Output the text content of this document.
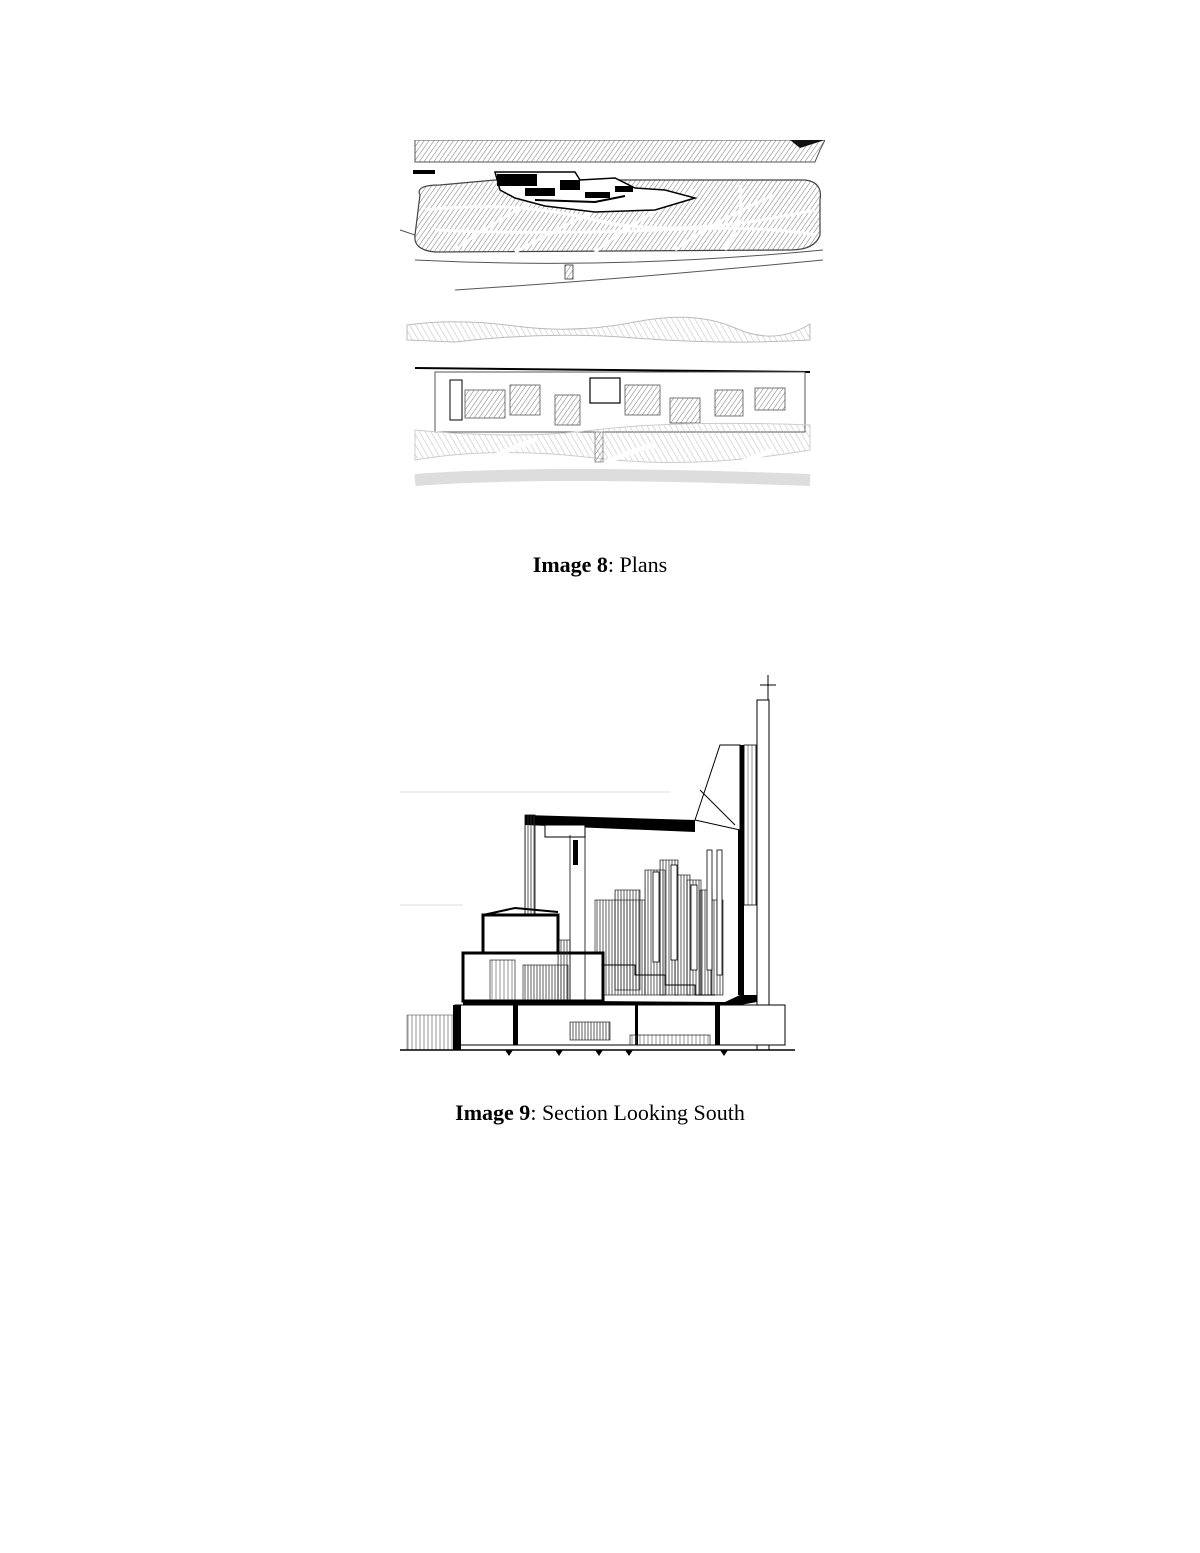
Image 8: Plans
Image 9: Section Looking South
